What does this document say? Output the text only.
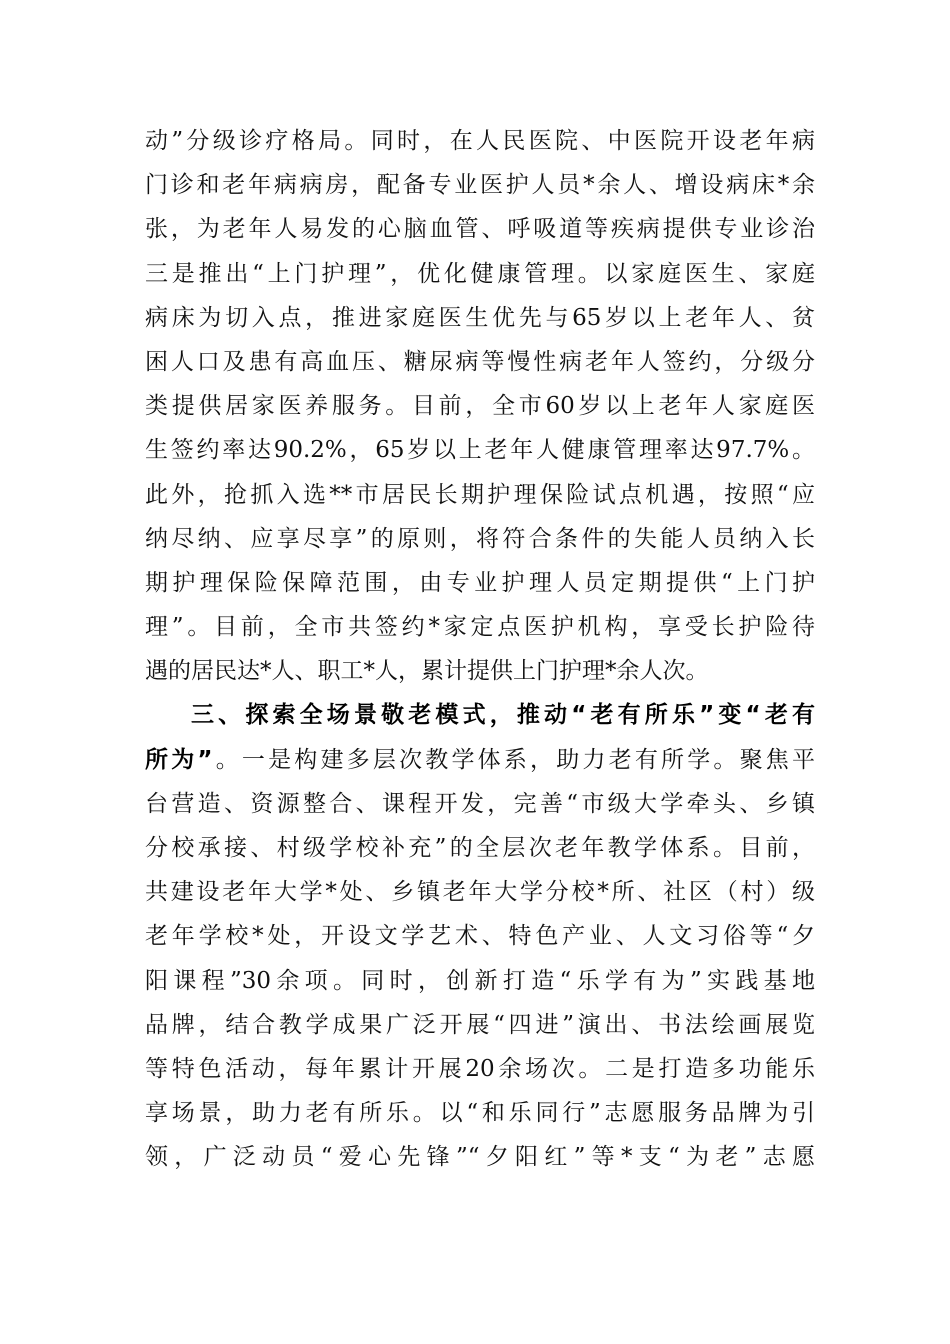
动”分级诊疗格局。同时，在人民医院、中医院开设老年病
门诊和老年病病房，配备专业医护人员*余人、增设病床*余
张，为老年人易发的心脑血管、呼吸道等疾病提供专业诊治
三是推出“上门护理”，优化健康管理。以家庭医生、家庭
病床为切入点，推进家庭医生优先与65岁以上老年人、贫
困人口及患有高血压、糖尿病等慢性病老年人签约，分级分
类提供居家医养服务。目前，全市60岁以上老年人家庭医
生签约率达90.2%，65岁以上老年人健康管理率达97.7%。
此外，抢抓入选**市居民长期护理保险试点机遇，按照“应
纳尽纳、应享尽享”的原则，将符合条件的失能人员纳入长
期护理保险保障范围，由专业护理人员定期提供“上门护
理”。目前，全市共签约*家定点医护机构，享受长护险待
遇的居民达*人、职工*人，累计提供上门护理*余人次。
三、探索全场景敬老模式，推动“老有所乐”变“老有
所为”。一是构建多层次教学体系，助力老有所学。聚焦平
台营造、资源整合、课程开发，完善“市级大学牵头、乡镇
分校承接、村级学校补充”的全层次老年教学体系。目前，
共建设老年大学*处、乡镇老年大学分校*所、社区（村）级
老年学校*处，开设文学艺术、特色产业、人文习俗等“夕
阳课程”30余项。同时，创新打造“乐学有为”实践基地
品牌，结合教学成果广泛开展“四进”演出、书法绘画展览
等特色活动，每年累计开展20余场次。二是打造多功能乐
享场景，助力老有所乐。以“和乐同行”志愿服务品牌为引
领，广泛动员“爱心先锋”“夕阳红”等*支“为老”志愿
